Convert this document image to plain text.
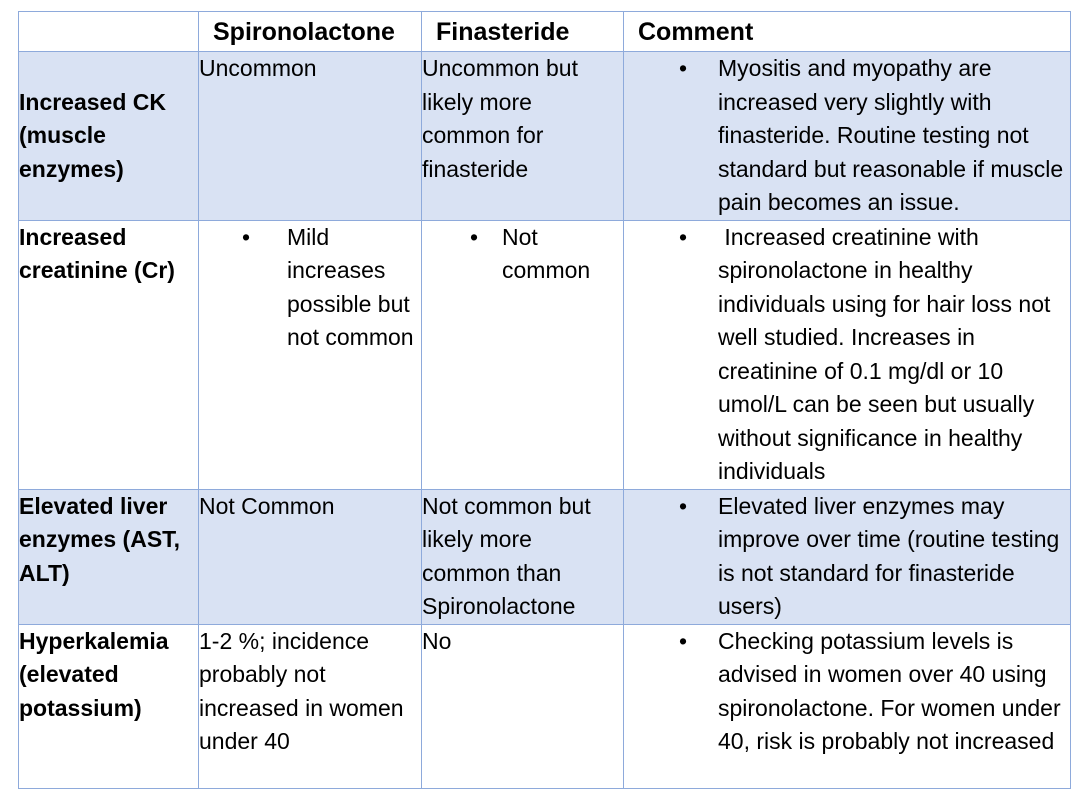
	Spironolactone	Finasteride	Comment
Increased CK (muscle enzymes)	Uncommon	Uncommon but likely more common for finasteride	• Myositis and myopathy are increased very slightly with finasteride. Routine testing not standard but reasonable if muscle pain becomes an issue.

Increased creatinine (Cr)	• Mild increases possible but not common	• Not common	• Increased creatinine with spironolactone in healthy individuals using for hair loss not well studied. Increases in creatinine of 0.1 mg/dl or 10 umol/L can be seen but usually without significance in healthy individuals

Elevated liver enzymes (AST, ALT)	Not Common	Not common but likely more common than Spironolactone	• Elevated liver enzymes may improve over time (routine testing is not standard for finasteride users)

Hyperkalemia (elevated potassium)	1-2 %; incidence probably not increased in women under 40	No	• Checking potassium levels is advised in women over 40 using spironolactone. For women under 40, risk is probably not increased
